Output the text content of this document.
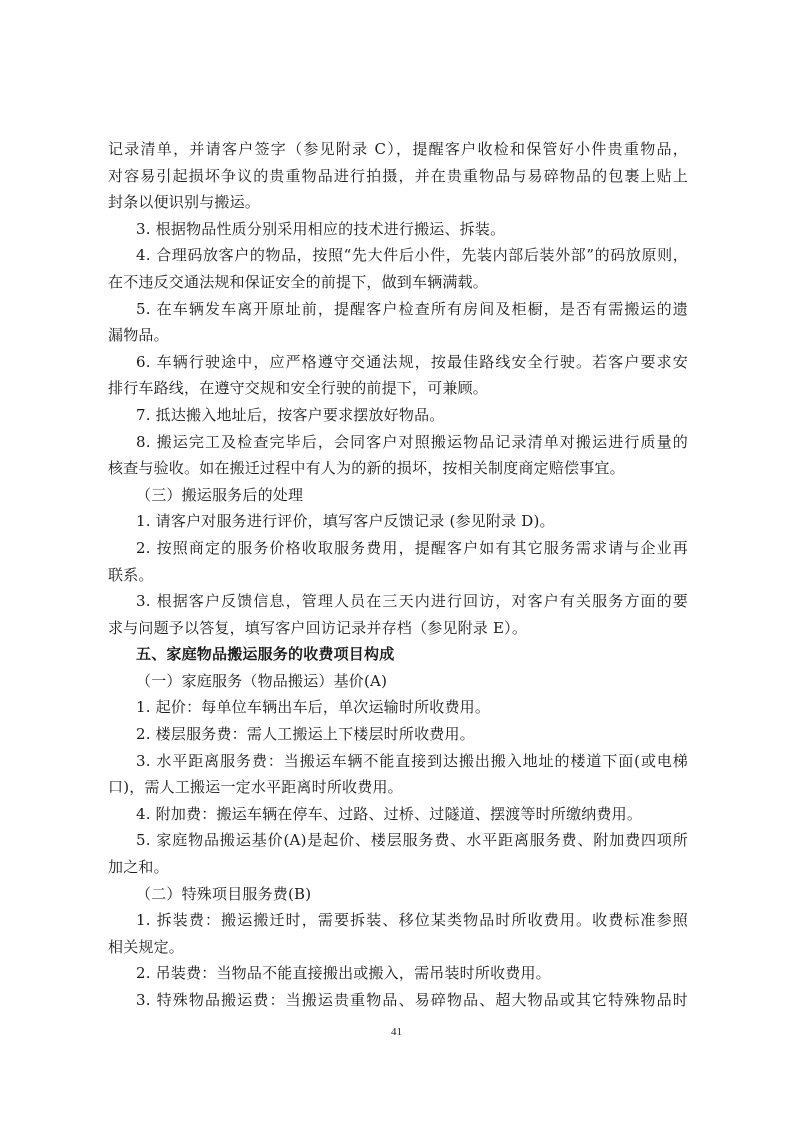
记录清单，并请客户签字（参见附录 C），提醒客户收检和保管好小件贵重物品，
对容易引起损坏争议的贵重物品进行拍摄，并在贵重物品与易碎物品的包裹上贴上
封条以便识别与搬运。
3. 根据物品性质分别采用相应的技术进行搬运、拆装。
4. 合理码放客户的物品，按照“先大件后小件，先装内部后装外部”的码放原则，
在不违反交通法规和保证安全的前提下，做到车辆满载。
5. 在车辆发车离开原址前，提醒客户检查所有房间及柜橱，是否有需搬运的遗
漏物品。
6. 车辆行驶途中，应严格遵守交通法规，按最佳路线安全行驶。若客户要求安
排行车路线，在遵守交规和安全行驶的前提下，可兼顾。
7. 抵达搬入地址后，按客户要求摆放好物品。
8. 搬运完工及检查完毕后，会同客户对照搬运物品记录清单对搬运进行质量的
核查与验收。如在搬迁过程中有人为的新的损坏，按相关制度商定赔偿事宜。
（三）搬运服务后的处理
1. 请客户对服务进行评价，填写客户反馈记录 (参见附录 D)。
2. 按照商定的服务价格收取服务费用，提醒客户如有其它服务需求请与企业再
联系。
3. 根据客户反馈信息，管理人员在三天内进行回访，对客户有关服务方面的要
求与问题予以答复，填写客户回访记录并存档（参见附录 E）。
五、家庭物品搬运服务的收费项目构成
（一）家庭服务（物品搬运）基价(A)
1. 起价：每单位车辆出车后，单次运输时所收费用。
2. 楼层服务费：需人工搬运上下楼层时所收费用。
3. 水平距离服务费：当搬运车辆不能直接到达搬出搬入地址的楼道下面(或电梯
口)，需人工搬运一定水平距离时所收费用。
4. 附加费：搬运车辆在停车、过路、过桥、过隧道、摆渡等时所缴纳费用。
5. 家庭物品搬运基价(A)是起价、楼层服务费、水平距离服务费、附加费四项所
加之和。
（二）特殊项目服务费(B)
1. 拆装费：搬运搬迁时，需要拆装、移位某类物品时所收费用。收费标准参照
相关规定。
2. 吊装费：当物品不能直接搬出或搬入，需吊装时所收费用。
3. 特殊物品搬运费：当搬运贵重物品、易碎物品、超大物品或其它特殊物品时
41
